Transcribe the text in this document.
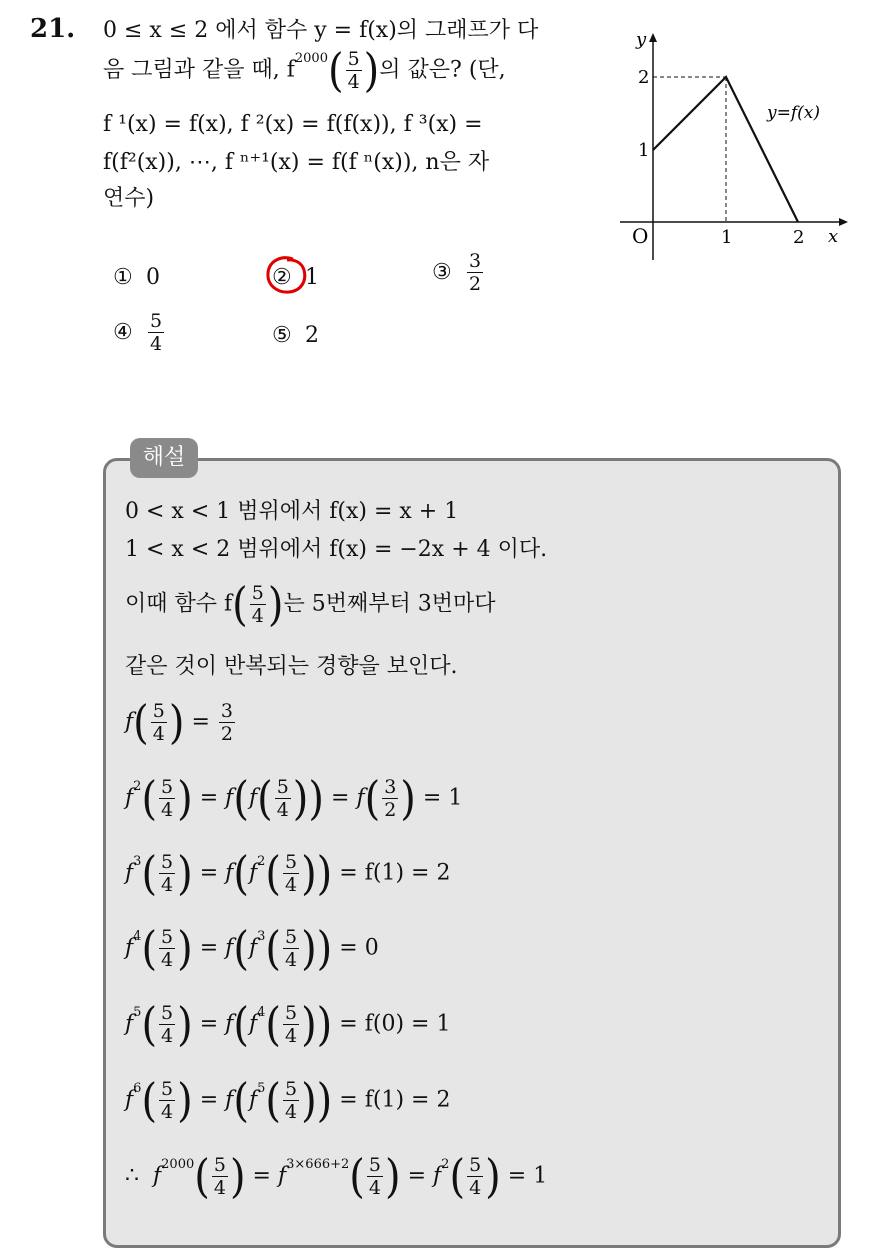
21. 0 ≤ x ≤ 2 에서 함수 y = f(x)의 그래프가 다
음 그림과 같을 때, $f^{2000}( \frac{5}{4}$ )의 값은? (단,
f ¹(x) = f(x), f ²(x) = f(f(x)), f ³(x) =
f(f²(x)), ⋯, f ⁿ⁺¹(x) = f(f ⁿ(x)), n은 자
연수)
y
x
O
1
2
1	2
y=f(x)
① 0	② 1	③ $\frac{3}{2}$
④ $\frac{5}{4}$	⑤ 2
해설
0 < x < 1 범위에서 f(x) = x + 1
1 < x < 2 범위에서 f(x) = −2x + 4 이다.
이때 함수 $f( \frac{5}{4}$ )는 5번째부터 3번마다
같은 것이 반복되는 경향을 보인다.
$f( \frac{5}{4}$ ) = $\frac{3}{2}$
$f^2( \frac{5}{4}$ ) = $f(f( \frac{5}{4}$ )) = $f( \frac{3}{2}$ ) = 1
$f^3( \frac{5}{4}$ ) = $f(f^2( \frac{5}{4}$ )) = f(1) = 2
$f^4( \frac{5}{4}$ ) = $f(f^3( \frac{5}{4}$ )) = 0
$f^5( \frac{5}{4}$ ) = $f(f^4( \frac{5}{4}$ )) = f(0) = 1
$f^6( \frac{5}{4}$ ) = $f(f^5( \frac{5}{4}$ )) = f(1) = 2
∴ $f^{2000}( \frac{5}{4}$ ) = $f^{3\times 666+2}( \frac{5}{4}$ ) = $f^2( \frac{5}{4}$ ) = 1
